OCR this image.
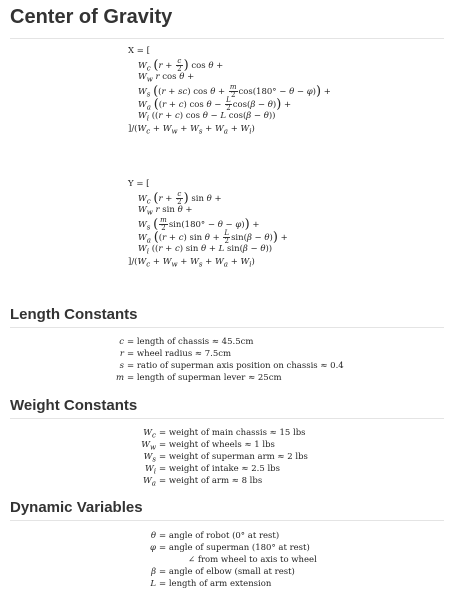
Center of Gravity
X = [
$W_c$ ($r + \frac{c}{2}$ ) cos θ +
$W_w$ r cos θ +
$W_s$ ((r + sc) $\cos \theta + \frac{m}{2} \cos(180^\circ - \theta - \varphi)$) +
$W_a$ ((r + c) $\cos \theta - \frac{L}{2} \cos(\beta - \theta)$) +
$W_i$ ((r + c) cos θ − L cos(β − θ))
]$/(W_c + W_w + W_s + W_a + W_i)$
Y = [
$W_c$ ($r + \frac{c}{2}$ ) sin θ +
$W_w$ r sin θ +
$W_s$ ( $\frac{m}{2} \sin(180^\circ - \theta - \varphi)$) +
$W_a$ ((r + c) $\sin \theta + \frac{L}{2} \sin(\beta - \theta)$) +
$W_i$ ((r + c) sin θ + L sin(β − θ))
]$/(W_c + W_w + W_s + W_a + W_i)$
Length Constants
c = length of chassis ≈ 45.5cm
r = wheel radius ≈ 7.5cm
s = ratio of superman axis position on chassis ≈ 0.4
m = length of superman lever ≈ 25cm
Weight Constants
$W_c$ = weight of main chassis ≈ 15 lbs
$W_w$ = weight of wheels ≈ 1 lbs
$W_s$ = weight of superman arm ≈ 2 lbs
$W_i$ = weight of intake ≈ 2.5 lbs
$W_a$ = weight of arm ≈ 8 lbs
Dynamic Variables
θ = angle of robot (0° at rest)
φ = angle of superman (180° at rest)
∠ from wheel to axis to wheel
β = angle of elbow (small at rest)
L = length of arm extension
